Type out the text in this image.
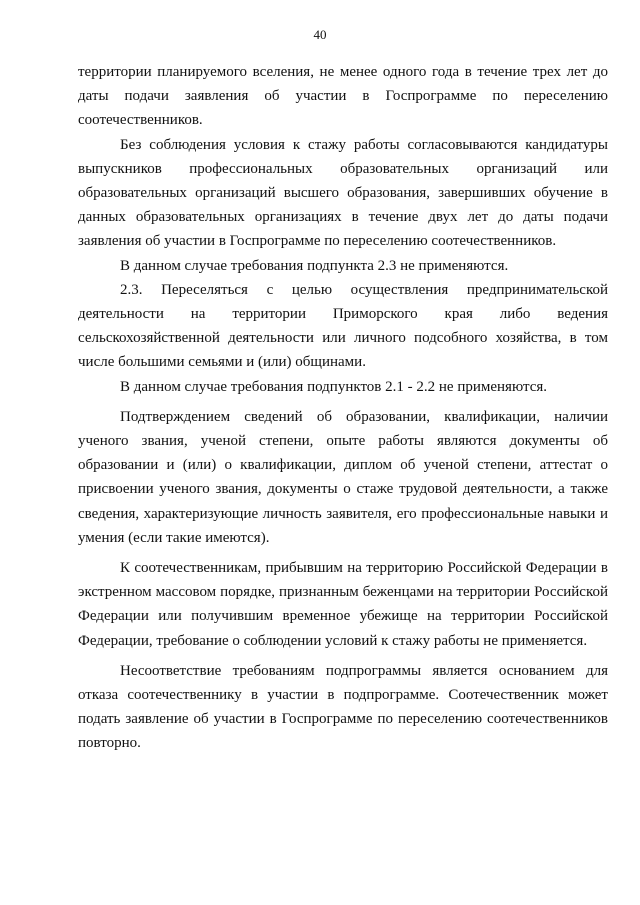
40

территории планируемого вселения, не менее одного года в течение трех лет до даты подачи заявления об участии в Госпрограмме по переселению соотечественников.

Без соблюдения условия к стажу работы согласовываются кандидатуры выпускников профессиональных образовательных организаций или образовательных организаций высшего образования, завершивших обучение в данных образовательных организациях в течение двух лет до даты подачи заявления об участии в Госпрограмме по переселению соотечественников.

В данном случае требования подпункта 2.3 не применяются.

2.3. Переселяться с целью осуществления предпринимательской деятельности на территории Приморского края либо ведения сельскохозяйственной деятельности или личного подсобного хозяйства, в том числе большими семьями и (или) общинами.

В данном случае требования подпунктов 2.1 - 2.2 не применяются.

Подтверждением сведений об образовании, квалификации, наличии ученого звания, ученой степени, опыте работы являются документы об образовании и (или) о квалификации, диплом об ученой степени, аттестат о присвоении ученого звания, документы о стаже трудовой деятельности, а также сведения, характеризующие личность заявителя, его профессиональные навыки и умения (если такие имеются).

К соотечественникам, прибывшим на территорию Российской Федерации в экстренном массовом порядке, признанным беженцами на территории Российской Федерации или получившим временное убежище на территории Российской Федерации, требование о соблюдении условий к стажу работы не применяется.

Несоответствие требованиям подпрограммы является основанием для отказа соотечественнику в участии в подпрограмме. Соотечественник может подать заявление об участии в Госпрограмме по переселению соотечественников повторно.
